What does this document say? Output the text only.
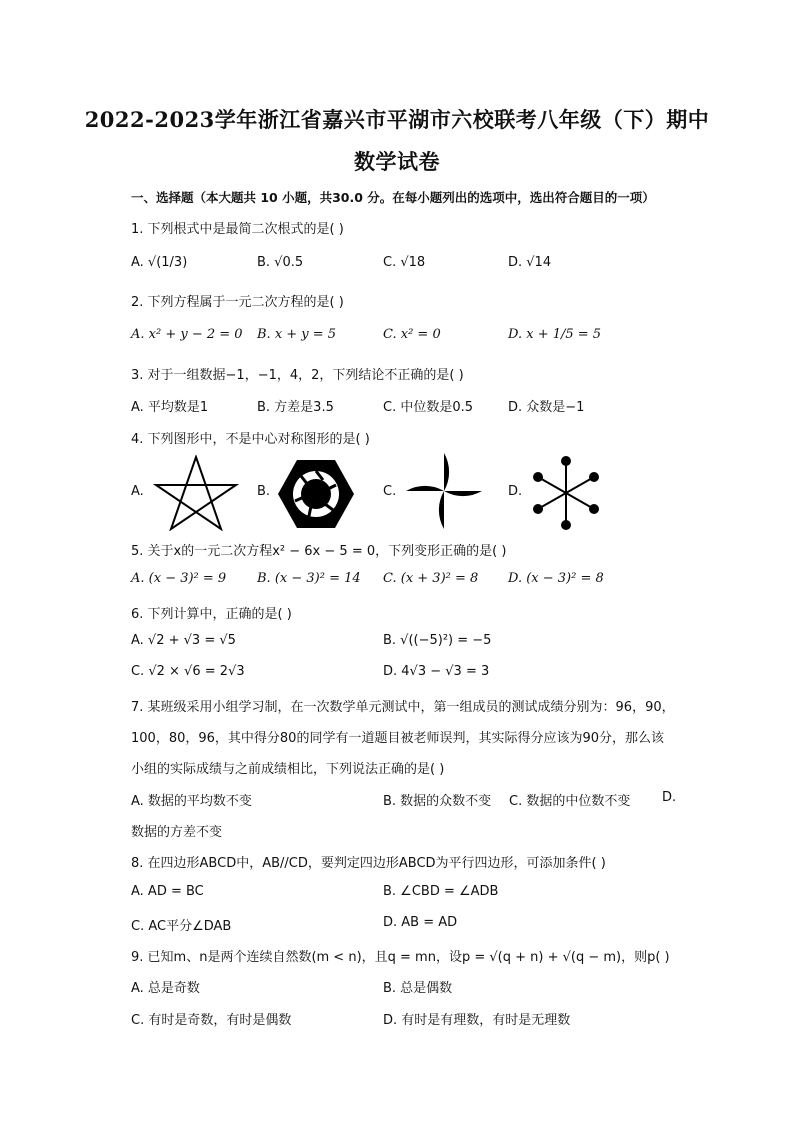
2022-2023学年浙江省嘉兴市平湖市六校联考八年级（下）期中
数学试卷
一、选择题（本大题共 10 小题，共30.0 分。在每小题列出的选项中，选出符合题目的一项）
1. 下列根式中是最简二次根式的是( )
A. √(1/3)	B. √0.5	C. √18	D. √14
2. 下列方程属于一元二次方程的是( )
A. x² + y − 2 = 0 B. x + y = 5	C. x² = 0	D. x + 1/5 = 5
3. 对于一组数据−1，−1，4，2，下列结论不正确的是( )
A. 平均数是1	B. 方差是3.5	C. 中位数是0.5	D. 众数是−1
4. 下列图形中，不是中心对称图形的是( )
A.	B.	C.	D.
5. 关于x的一元二次方程x² − 6x − 5 = 0，下列变形正确的是( )
A. (x − 3)² = 9 B. (x − 3)² = 14 C. (x + 3)² = 8 D. (x − 3)² = 8
6. 下列计算中，正确的是( )
A. √2 + √3 = √5	B. √((−5)²) = −5
C. √2 × √6 = 2√3	D. 4√3 − √3 = 3
7. 某班级采用小组学习制，在一次数学单元测试中，第一组成员的测试成绩分别为：96，90，
100，80，96，其中得分80的同学有一道题目被老师误判，其实际得分应该为90分，那么该
小组的实际成绩与之前成绩相比，下列说法正确的是( )
A. 数据的平均数不变	B. 数据的众数不变 C. 数据的中位数不变 D.
数据的方差不变
8. 在四边形ABCD中，AB//CD，要判定四边形ABCD为平行四边形，可添加条件( )
A. AD = BC	B. ∠CBD = ∠ADB
C. AC平分∠DAB	D. AB = AD
9. 已知m、n是两个连续自然数(m < n)，且q = mn，设p = √(q + n) + √(q − m)，则p( )
A. 总是奇数	B. 总是偶数
C. 有时是奇数，有时是偶数	D. 有时是有理数，有时是无理数
